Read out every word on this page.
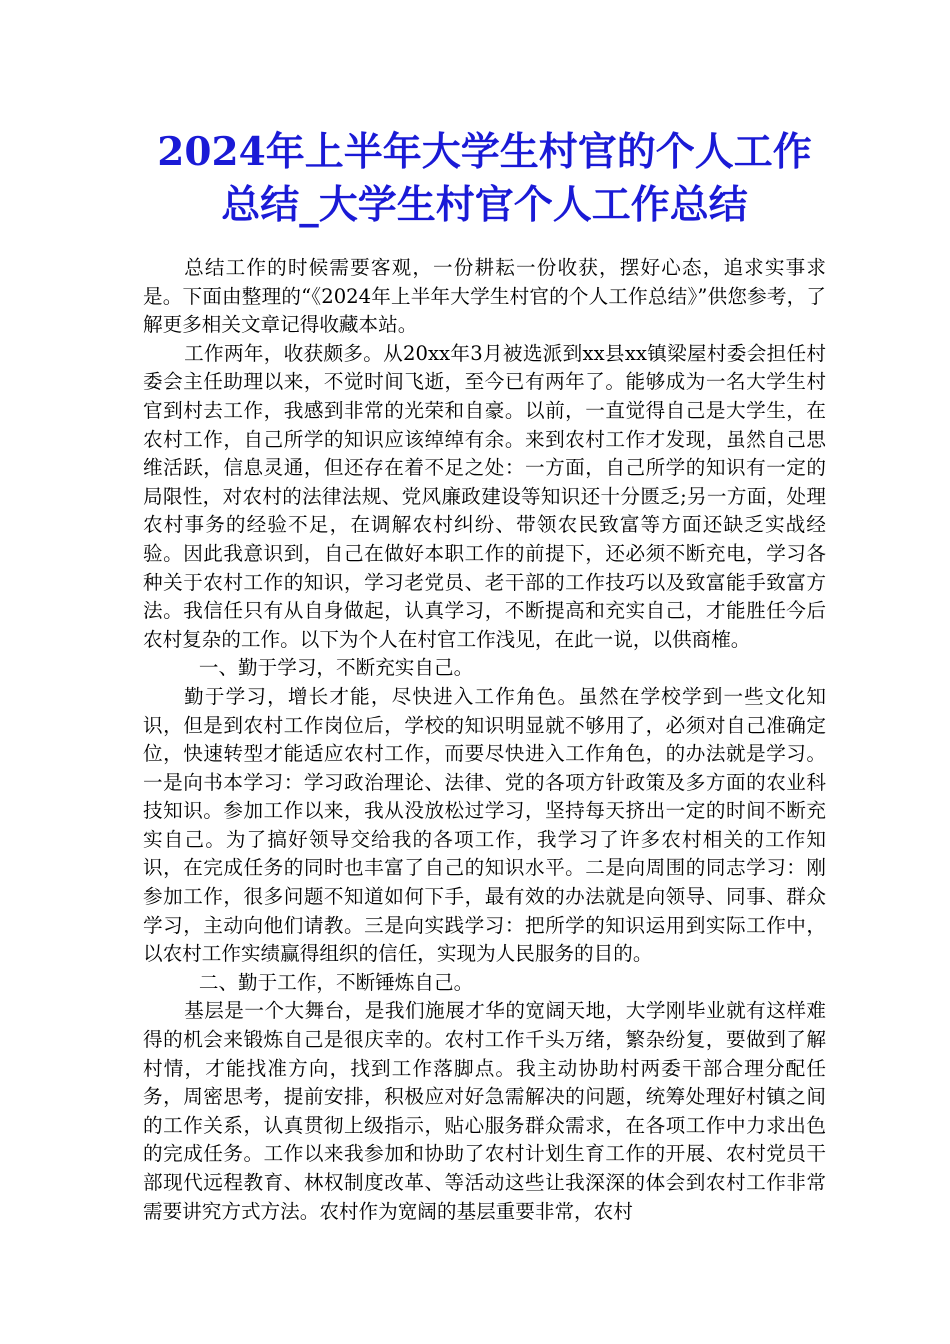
2024年上半年大学生村官的个人工作总结_大学生村官个人工作总结

总结工作的时候需要客观，一份耕耘一份收获，摆好心态，追求实事求是。下面由整理的“《2024年上半年大学生村官的个人工作总结》”供您参考，了解更多相关文章记得收藏本站。

工作两年，收获颇多。从20xx年3月被选派到xx县xx镇梁屋村委会担任村委会主任助理以来，不觉时间飞逝，至今已有两年了。能够成为一名大学生村官到村去工作，我感到非常的光荣和自豪。以前，一直觉得自己是大学生，在农村工作，自己所学的知识应该绰绰有余。来到农村工作才发现，虽然自己思维活跃，信息灵通，但还存在着不足之处：一方面，自己所学的知识有一定的局限性，对农村的法律法规、党风廉政建设等知识还十分匮乏;另一方面，处理农村事务的经验不足，在调解农村纠纷、带领农民致富等方面还缺乏实战经验。因此我意识到，自己在做好本职工作的前提下，还必须不断充电，学习各种关于农村工作的知识，学习老党员、老干部的工作技巧以及致富能手致富方法。我信任只有从自身做起，认真学习，不断提高和充实自己，才能胜任今后农村复杂的工作。以下为个人在村官工作浅见，在此一说，以供商榷。

一、勤于学习，不断充实自己。

勤于学习，增长才能，尽快进入工作角色。虽然在学校学到一些文化知识，但是到农村工作岗位后，学校的知识明显就不够用了，必须对自己准确定位，快速转型才能适应农村工作，而要尽快进入工作角色，的办法就是学习。一是向书本学习：学习政治理论、法律、党的各项方针政策及多方面的农业科技知识。参加工作以来，我从没放松过学习，坚持每天挤出一定的时间不断充实自己。为了搞好领导交给我的各项工作，我学习了许多农村相关的工作知识，在完成任务的同时也丰富了自己的知识水平。二是向周围的同志学习：刚参加工作，很多问题不知道如何下手，最有效的办法就是向领导、同事、群众学习，主动向他们请教。三是向实践学习：把所学的知识运用到实际工作中，以农村工作实绩赢得组织的信任，实现为人民服务的目的。

二、勤于工作，不断锤炼自己。

基层是一个大舞台，是我们施展才华的宽阔天地，大学刚毕业就有这样难得的机会来锻炼自己是很庆幸的。农村工作千头万绪，繁杂纷复，要做到了解村情，才能找准方向，找到工作落脚点。我主动协助村两委干部合理分配任务，周密思考，提前安排，积极应对好急需解决的问题，统筹处理好村镇之间的工作关系，认真贯彻上级指示，贴心服务群众需求，在各项工作中力求出色的完成任务。工作以来我参加和协助了农村计划生育工作的开展、农村党员干部现代远程教育、林权制度改革、等活动这些让我深深的体会到农村工作非常需要讲究方式方法。农村作为宽阔的基层重要非常，农村
